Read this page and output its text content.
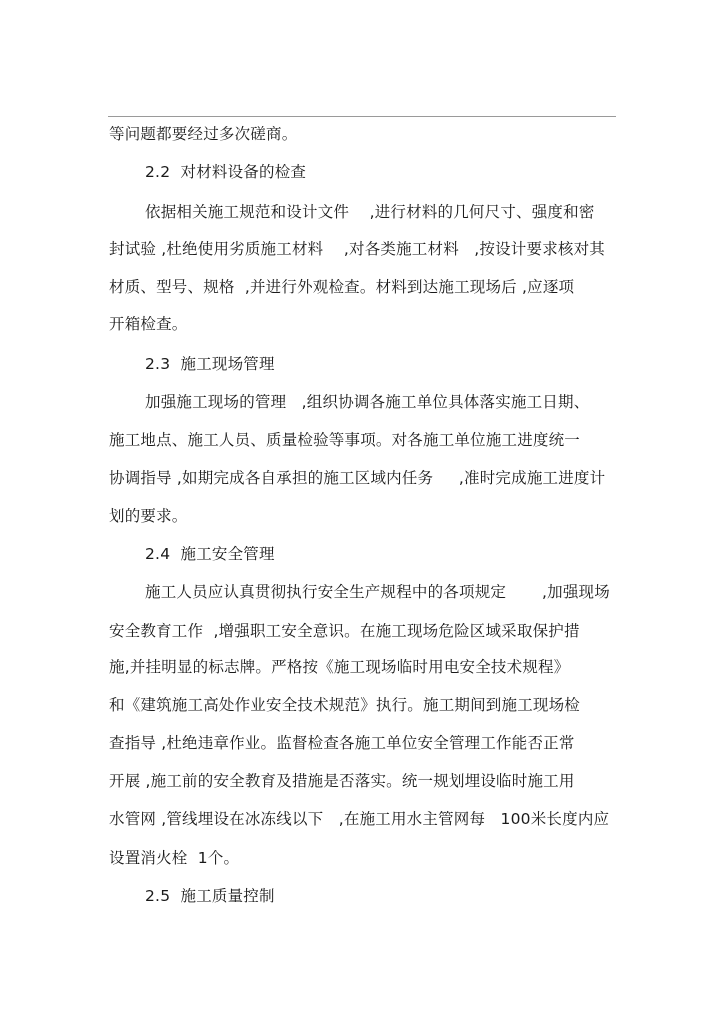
等问题都要经过多次磋商。
2.2  对材料设备的检查
依据相关施工规范和设计文件    ,进行材料的几何尺寸、强度和密
封试验 ,杜绝使用劣质施工材料    ,对各类施工材料   ,按设计要求核对其
材质、型号、规格  ,并进行外观检查。材料到达施工现场后 ,应逐项
开箱检查。
2.3  施工现场管理
加强施工现场的管理   ,组织协调各施工单位具体落实施工日期、
施工地点、施工人员、质量检验等事项。对各施工单位施工进度统一
协调指导 ,如期完成各自承担的施工区域内任务     ,准时完成施工进度计
划的要求。
2.4  施工安全管理
施工人员应认真贯彻执行安全生产规程中的各项规定       ,加强现场
安全教育工作  ,增强职工安全意识。在施工现场危险区域采取保护措
施,并挂明显的标志牌。严格按《施工现场临时用电安全技术规程》
和《建筑施工高处作业安全技术规范》执行。施工期间到施工现场检
查指导 ,杜绝违章作业。监督检查各施工单位安全管理工作能否正常
开展 ,施工前的安全教育及措施是否落实。统一规划埋设临时施工用
水管网 ,管线埋设在冰冻线以下   ,在施工用水主管网每   100米长度内应
设置消火栓  1个。
2.5  施工质量控制
